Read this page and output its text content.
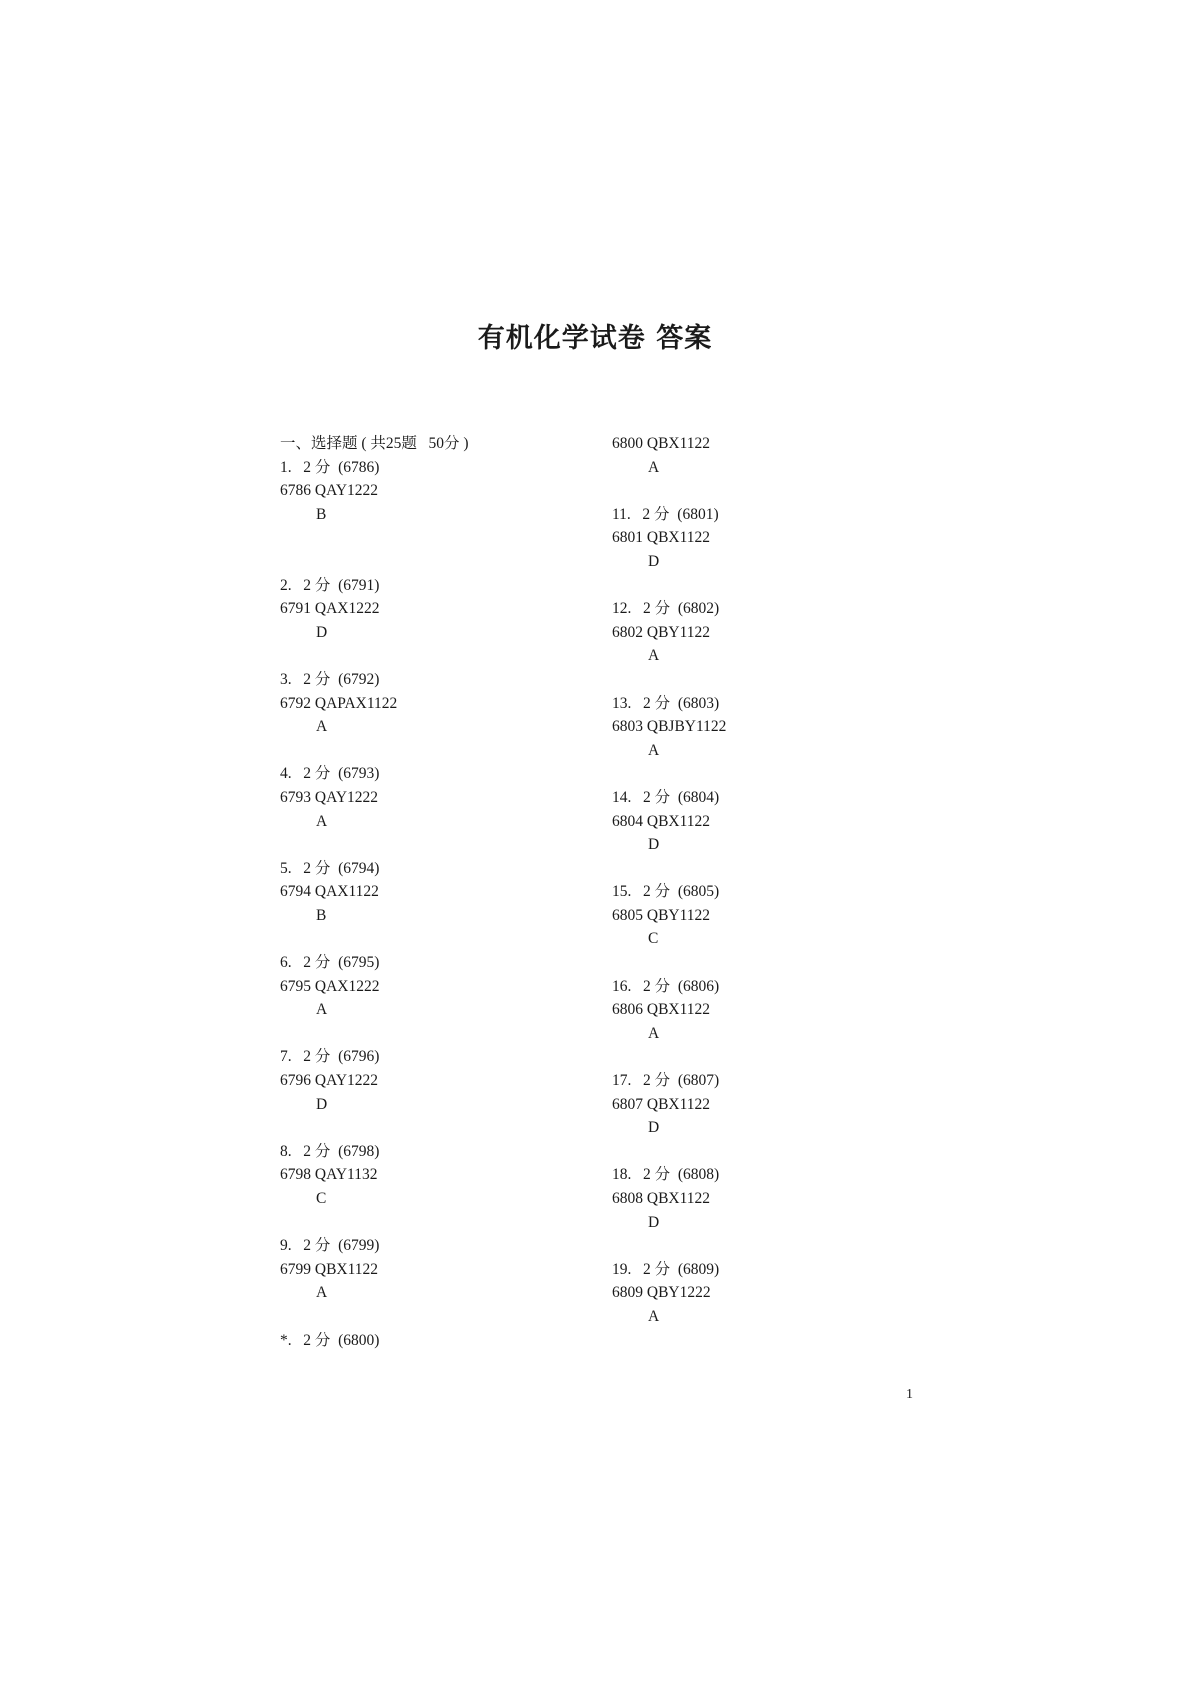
有机化学试卷 答案
一、选择题 ( 共25题   50分 )
1.   2 分  (6786)
6786 QAY1222
B
2.   2 分  (6791)
6791 QAX1222
D
3.   2 分  (6792)
6792 QAPAX1122
A
4.   2 分  (6793)
6793 QAY1222
A
5.   2 分  (6794)
6794 QAX1122
B
6.   2 分  (6795)
6795 QAX1222
A
7.   2 分  (6796)
6796 QAY1222
D
8.   2 分  (6798)
6798 QAY1132
C
9.   2 分  (6799)
6799 QBX1122
A
*.   2 分  (6800)
6800 QBX1122
A
11.   2 分  (6801)
6801 QBX1122
D
12.   2 分  (6802)
6802 QBY1122
A
13.   2 分  (6803)
6803 QBJBY1122
A
14.   2 分  (6804)
6804 QBX1122
D
15.   2 分  (6805)
6805 QBY1122
C
16.   2 分  (6806)
6806 QBX1122
A
17.   2 分  (6807)
6807 QBX1122
D
18.   2 分  (6808)
6808 QBX1122
D
19.   2 分  (6809)
6809 QBY1222
A
1
